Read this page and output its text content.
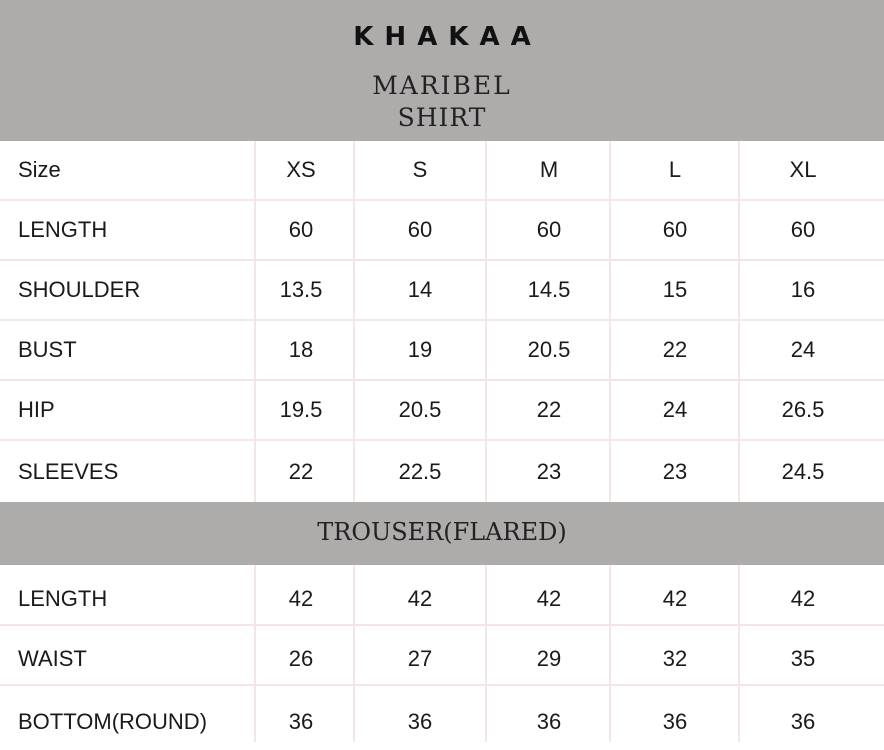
KHAKAA
MARIBEL
SHIRT
Size	XS	S	M	L	XL
LENGTH	60	60	60	60	60
SHOULDER	13.5	14	14.5	15	16
BUST	18	19	20.5	22	24
HIP	19.5	20.5	22	24	26.5
SLEEVES	22	22.5	23	23	24.5
TROUSER(FLARED)
LENGTH	42	42	42	42	42
WAIST	26	27	29	32	35
BOTTOM(ROUND)	36	36	36	36	36
